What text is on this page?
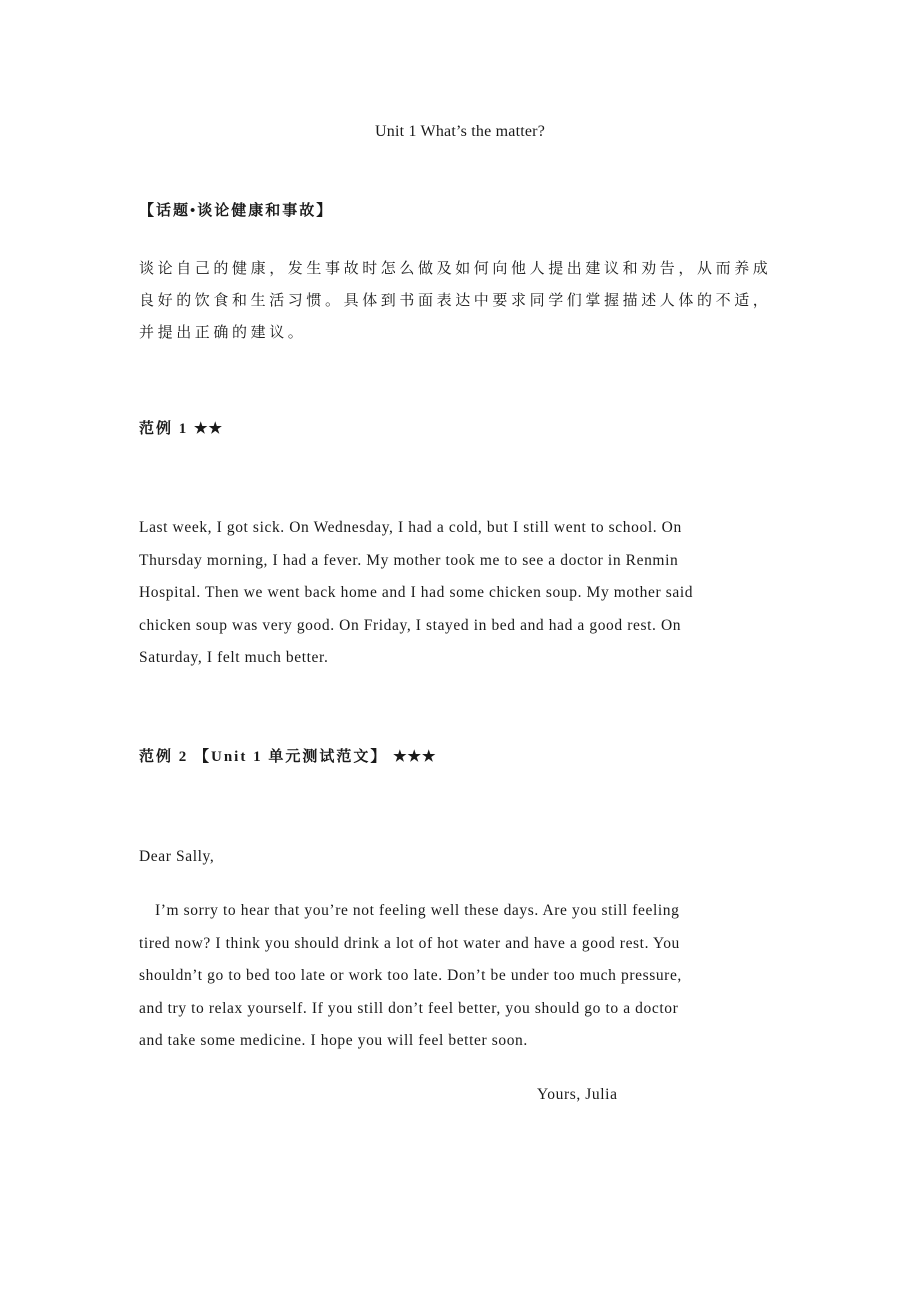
Unit 1 What’s the matter?
【话题•谈论健康和事故】
谈论自己的健康，发生事故时怎么做及如何向他人提出建议和劝告，从而养成良好的饮食和生活习惯。具体到书面表达中要求同学们掌握描述人体的不适，并提出正确的建议。
范例 1 ★★
Last week, I got sick. On Wednesday, I had a cold, but I still went to school. On
Thursday morning, I had a fever. My mother took me to see a doctor in Renmin
Hospital. Then we went back home and I had some chicken soup. My mother said
chicken soup was very good. On Friday, I stayed in bed and had a good rest. On
Saturday, I felt much better.
范例 2 【Unit 1 单元测试范文】 ★★★
Dear Sally,
I’m sorry to hear that you’re not feeling well these days. Are you still feeling
tired now? I think you should drink a lot of hot water and have a good rest. You
shouldn’t go to bed too late or work too late. Don’t be under too much pressure,
and try to relax yourself. If you still don’t feel better, you should go to a doctor
and take some medicine. I hope you will feel better soon.
Yours, Julia
